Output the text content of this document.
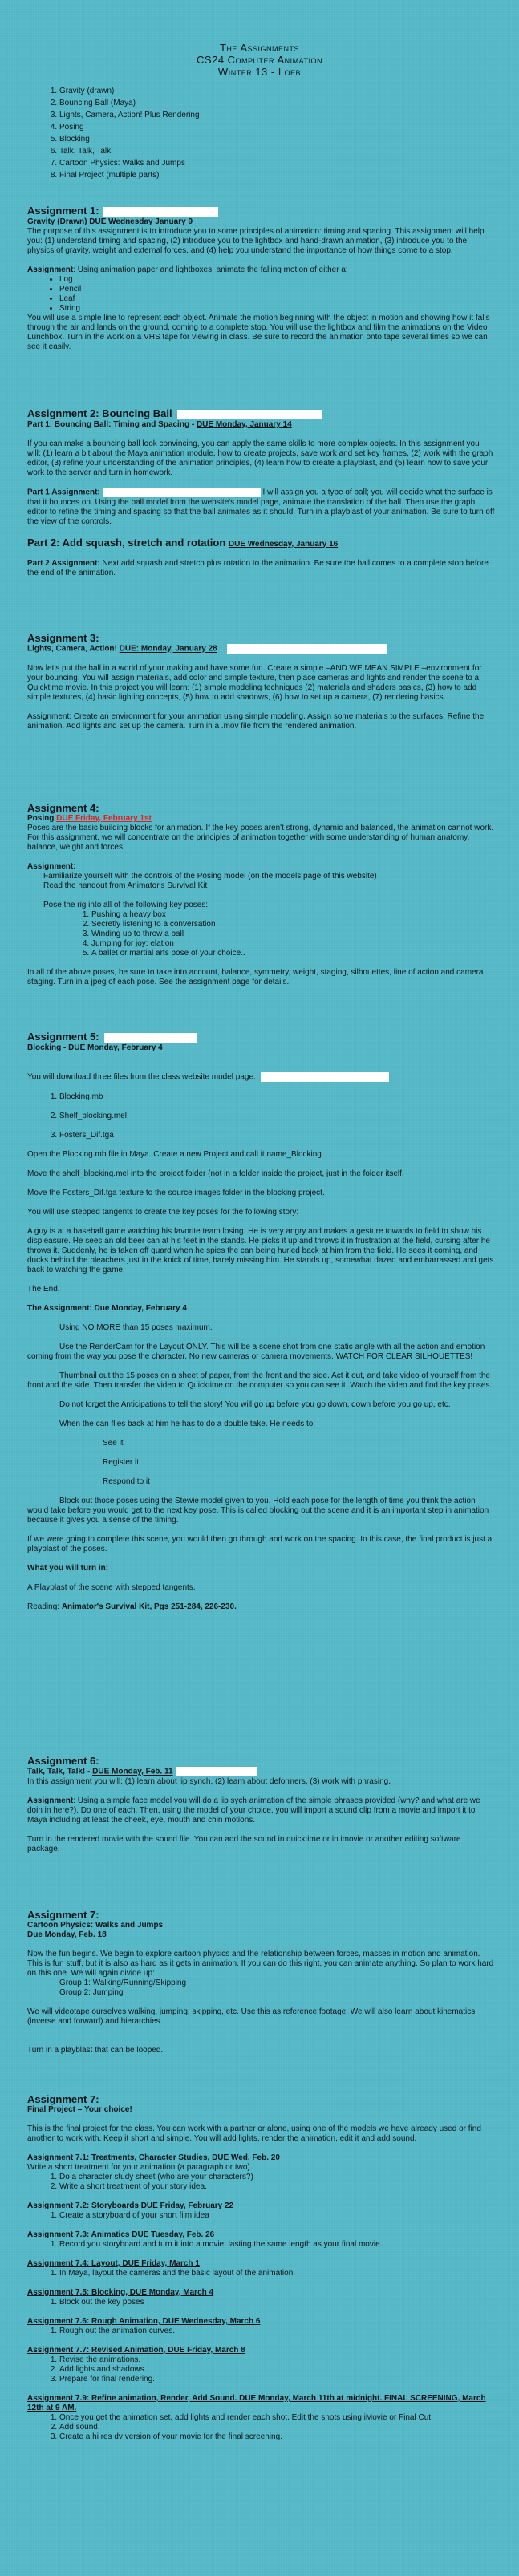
The Assignments
CS24 Computer Animation
Winter 13 - Loeb
1. Gravity (drawn)
2. Bouncing Ball (Maya)
3. Lights, Camera, Action! Plus Rendering
4. Posing
5. Blocking
6. Talk, Talk, Talk!
7. Cartoon Physics: Walks and Jumps
8. Final Project (multiple parts)
Assignment 1:
Gravity (Drawn) DUE Wednesday January 9

The purpose of this assignment is to introduce you to some principles of animation: timing and spacing. This assignment will help you: (1) understand timing and spacing, (2) introduce you to the lightbox and hand-drawn animation, (3) introduce you to the physics of gravity, weight and external forces, and (4) help you understand the importance of how things come to a stop.

Assignment: Using animation paper and lightboxes, animate the falling motion of either a:

• Log
• Pencil
• Leaf
• String

You will use a simple line to represent each object. Animate the motion beginning with the object in motion and showing how it falls through the air and lands on the ground, coming to a complete stop. You will use the lightbox and film the animations on the Video Lunchbox. Turn in the work on a VHS tape for viewing in class. Be sure to record the animation onto tape several times so we can see it easily.

Assignment 2: Bouncing Ball
Part 1: Bouncing Ball: Timing and Spacing - DUE Monday, January 14

If you can make a bouncing ball look convincing, you can apply the same skills to more complex objects. In this assignment you will: (1) learn a bit about the Maya animation module, how to create projects, save work and set key frames, (2) work with the graph editor, (3) refine your understanding of the animation principles, (4) learn how to create a playblast, and (5) learn how to save your work to the server and turn in homework.

Part 1 Assignment:	I will assign you a type of ball; you will decide what the surface is that it bounces on. Using the ball model from the website's model page, animate the translation of the ball. Then use the graph editor to refine the timing and spacing so that the ball animates as it should. Turn in a playblast of your animation. Be sure to turn off the view of the controls.

Part 2: Add squash, stretch and rotation DUE Wednesday, January 16

Part 2 Assignment: Next add squash and stretch plus rotation to the animation. Be sure the ball comes to a complete stop before the end of the animation.

Assignment 3:
Lights, Camera, Action! DUE: Monday, January 28

Now let's put the ball in a world of your making and have some fun. Create a simple –AND WE MEAN SIMPLE –environment for your bouncing. You will assign materials, add color and simple texture, then place cameras and lights and render the scene to a Quicktime movie. In this project you will learn: (1) simple modeling techniques (2) materials and shaders basics, (3) how to add simple textures, (4) basic lighting concepts, (5) how to add shadows, (6) how to set up a camera, (7) rendering basics.

Assignment: Create an environment for your animation using simple modeling. Assign some materials to the surfaces. Refine the animation. Add lights and set up the camera. Turn in a .mov file from the rendered animation.

Assignment 4:
Posing DUE Friday, February 1st

Poses are the basic building blocks for animation. If the key poses aren't strong, dynamic and balanced, the animation cannot work. For this assignment, we will concentrate on the principles of animation together with some understanding of human anatomy, balance, weight and forces.

Assignment:

Familiarize yourself with the controls of the Posing model (on the models page of this website)

Read the handout from Animator's Survival Kit

Pose the rig into all of the following key poses:

1. Pushing a heavy box
2. Secretly listening to a conversation
3. Winding up to throw a ball
4. Jumping for joy: elation
5. A ballet or martial arts pose of your choice..

In all of the above poses, be sure to take into account, balance, symmetry, weight, staging, silhouettes, line of action and camera staging. Turn in a jpeg of each pose. See the assignment page for details.

Assignment 5:
Blocking - DUE Monday, February 4

You will download three files from the class website model page:

1. Blocking.mb
2. Shelf_blocking.mel
3. Fosters_Dif.tga

Open the Blocking.mb file in Maya. Create a new Project and call it name_Blocking

Move the shelf_blocking.mel into the project folder (not in a folder inside the project, just in the folder itself.

Move the Fosters_Dif.tga texture to the source images folder in the blocking project.

You will use stepped tangents to create the key poses for the following story:

A guy is at a baseball game watching his favorite team losing. He is very angry and makes a gesture towards to field to show his displeasure. He sees an old beer can at his feet in the stands. He picks it up and throws it in frustration at the field, cursing after he throws it. Suddenly, he is taken off guard when he spies the can being hurled back at him from the field. He sees it coming, and ducks behind the bleachers just in the knick of time, barely missing him. He stands up, somewhat dazed and embarrassed and gets back to watching the game.

The End.

The Assignment: Due Monday, February 4

Using NO MORE than 15 poses maximum.

Use the RenderCam for the Layout ONLY. This will be a scene shot from one static angle with all the action and emotion coming from the way you pose the character. No new cameras or camera movements. WATCH FOR CLEAR SILHOUETTES!

Thumbnail out the 15 poses on a sheet of paper, from the front and the side. Act it out, and take video of yourself from the front and the side. Then transfer the video to Quicktime on the computer so you can see it. Watch the video and find the key poses.

Do not forget the Anticipations to tell the story! You will go up before you go down, down before you go up, etc.

When the can flies back at him he has to do a double take. He needs to:

See it

Register it

Respond to it

Block out those poses using the Stewie model given to you. Hold each pose for the length of time you think the action would take before you would get to the next key pose. This is called blocking out the scene and it is an important step in animation because it gives you a sense of the timing.

If we were going to complete this scene, you would then go through and work on the spacing. In this case, the final product is just a playblast of the poses.

What you will turn in:

A Playblast of the scene with stepped tangents.

Reading: Animator's Survival Kit, Pgs 251-284, 226-230.

Assignment 6:
Talk, Talk, Talk! - DUE Monday, Feb. 11

In this assignment you will: (1) learn about lip synch, (2) learn about deformers, (3) work with phrasing.

Assignment: Using a simple face model you will do a lip sych animation of the simple phrases provided (why? and what are we doin in here?). Do one of each. Then, using the model of your choice, you will import a sound clip from a movie and import it to Maya including at least the cheek, eye, mouth and chin motions.

Turn in the rendered movie with the sound file. You can add the sound in quicktime or in imovie or another editing software package.

Assignment 7:
Cartoon Physics: Walks and Jumps
Due Monday, Feb. 18

Now the fun begins. We begin to explore cartoon physics and the relationship between forces, masses in motion and animation. This is fun stuff, but it is also as hard as it gets in animation. If you can do this right, you can animate anything. So plan to work hard on this one. We will again divide up:

Group 1: Walking/Running/Skipping

Group 2: Jumping

We will videotape ourselves walking, jumping, skipping, etc. Use this as reference footage. We will also learn about kinematics (inverse and forward) and hierarchies.

Turn in a playblast that can be looped.

Assignment 7:
Final Project – Your choice!

This is the final project for the class. You can work with a partner or alone, using one of the models we have already used or find another to work with. Keep it short and simple. You will add lights, render the animation, edit it and add sound.

Assignment 7.1: Treatments, Character Studies, DUE Wed. Feb. 20

Write a short treatment for your animation (a paragraph or two).

1. Do a character study sheet (who are your characters?)
2. Write a short treatment of your story idea.

Assignment 7.2: Storyboards DUE Friday, February 22

1. Create a storyboard of your short film idea

Assignment 7.3: Animatics DUE Tuesday, Feb. 26

1. Record you storyboard and turn it into a movie, lasting the same length as your final movie.

Assignment 7.4: Layout, DUE Friday, March 1

1. In Maya, layout the cameras and the basic layout of the animation.

Assignment 7.5: Blocking, DUE Monday, March 4

1. Block out the key poses

Assignment 7.6: Rough Animation, DUE Wednesday, March 6

1. Rough out the animation curves.

Assignment 7.7: Revised Animation, DUE Friday, March 8

1. Revise the animations.
2. Add lights and shadows.
3. Prepare for final rendering.

Assignment 7.9: Refine animation, Render, Add Sound. DUE Monday, March 11th at midnight. FINAL SCREENING, March 12th at 9 AM.

1. Once you get the animation set, add lights and render each shot. Edit the shots using iMovie or Final Cut
2. Add sound.
3. Create a hi res dv version of your movie for the final screening.
